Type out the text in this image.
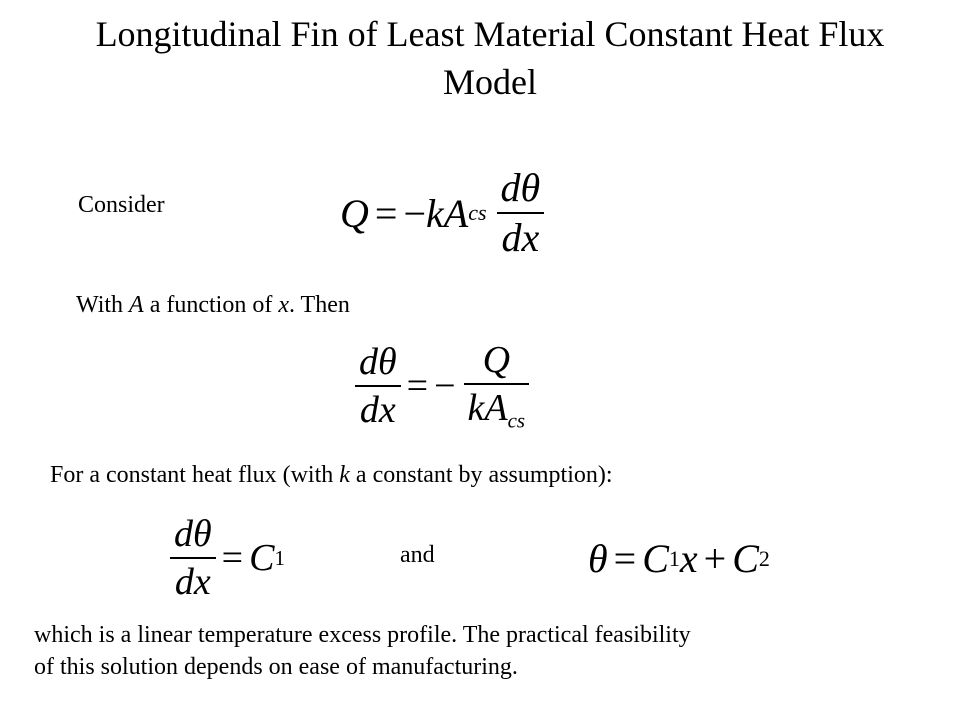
Longitudinal Fin of Least Material Constant Heat Flux Model
Consider	Q = − k A cs $\frac{d\theta}{dx}$
With A a function of x. Then
$\frac{d\theta}{dx}$ = − $\frac{Q}{kA_{cs}}$
For a constant heat flux (with k a constant by assumption):
$\frac{d\theta}{dx} = C$ 1	and	θ = C 1 x + C 2
which is a linear temperature excess profile. The practical feasibility
of this solution depends on ease of manufacturing.
